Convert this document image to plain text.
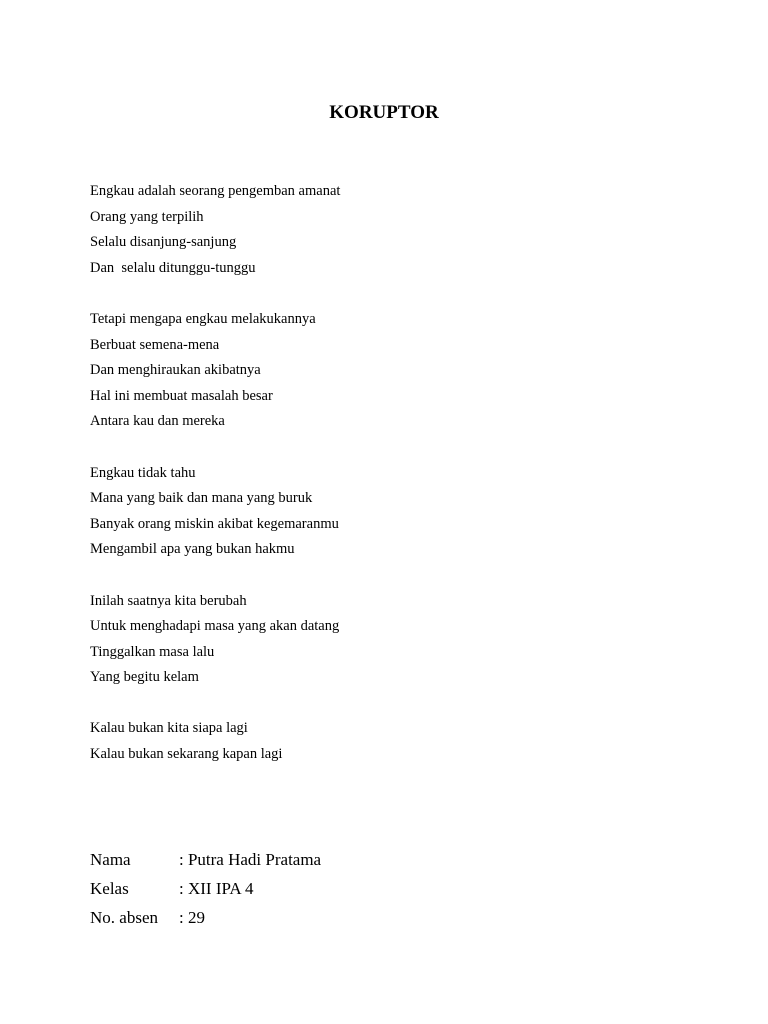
KORUPTOR
Engkau adalah seorang pengemban amanat
Orang yang terpilih
Selalu disanjung-sanjung
Dan  selalu ditunggu-tunggu
Tetapi mengapa engkau melakukannya
Berbuat semena-mena
Dan menghiraukan akibatnya
Hal ini membuat masalah besar
Antara kau dan mereka
Engkau tidak tahu
Mana yang baik dan mana yang buruk
Banyak orang miskin akibat kegemaranmu
Mengambil apa yang bukan hakmu
Inilah saatnya kita berubah
Untuk menghadapi masa yang akan datang
Tinggalkan masa lalu
Yang begitu kelam
Kalau bukan kita siapa lagi
Kalau bukan sekarang kapan lagi
Nama	: Putra Hadi Pratama
Kelas	: XII IPA 4
No. absen : 29
